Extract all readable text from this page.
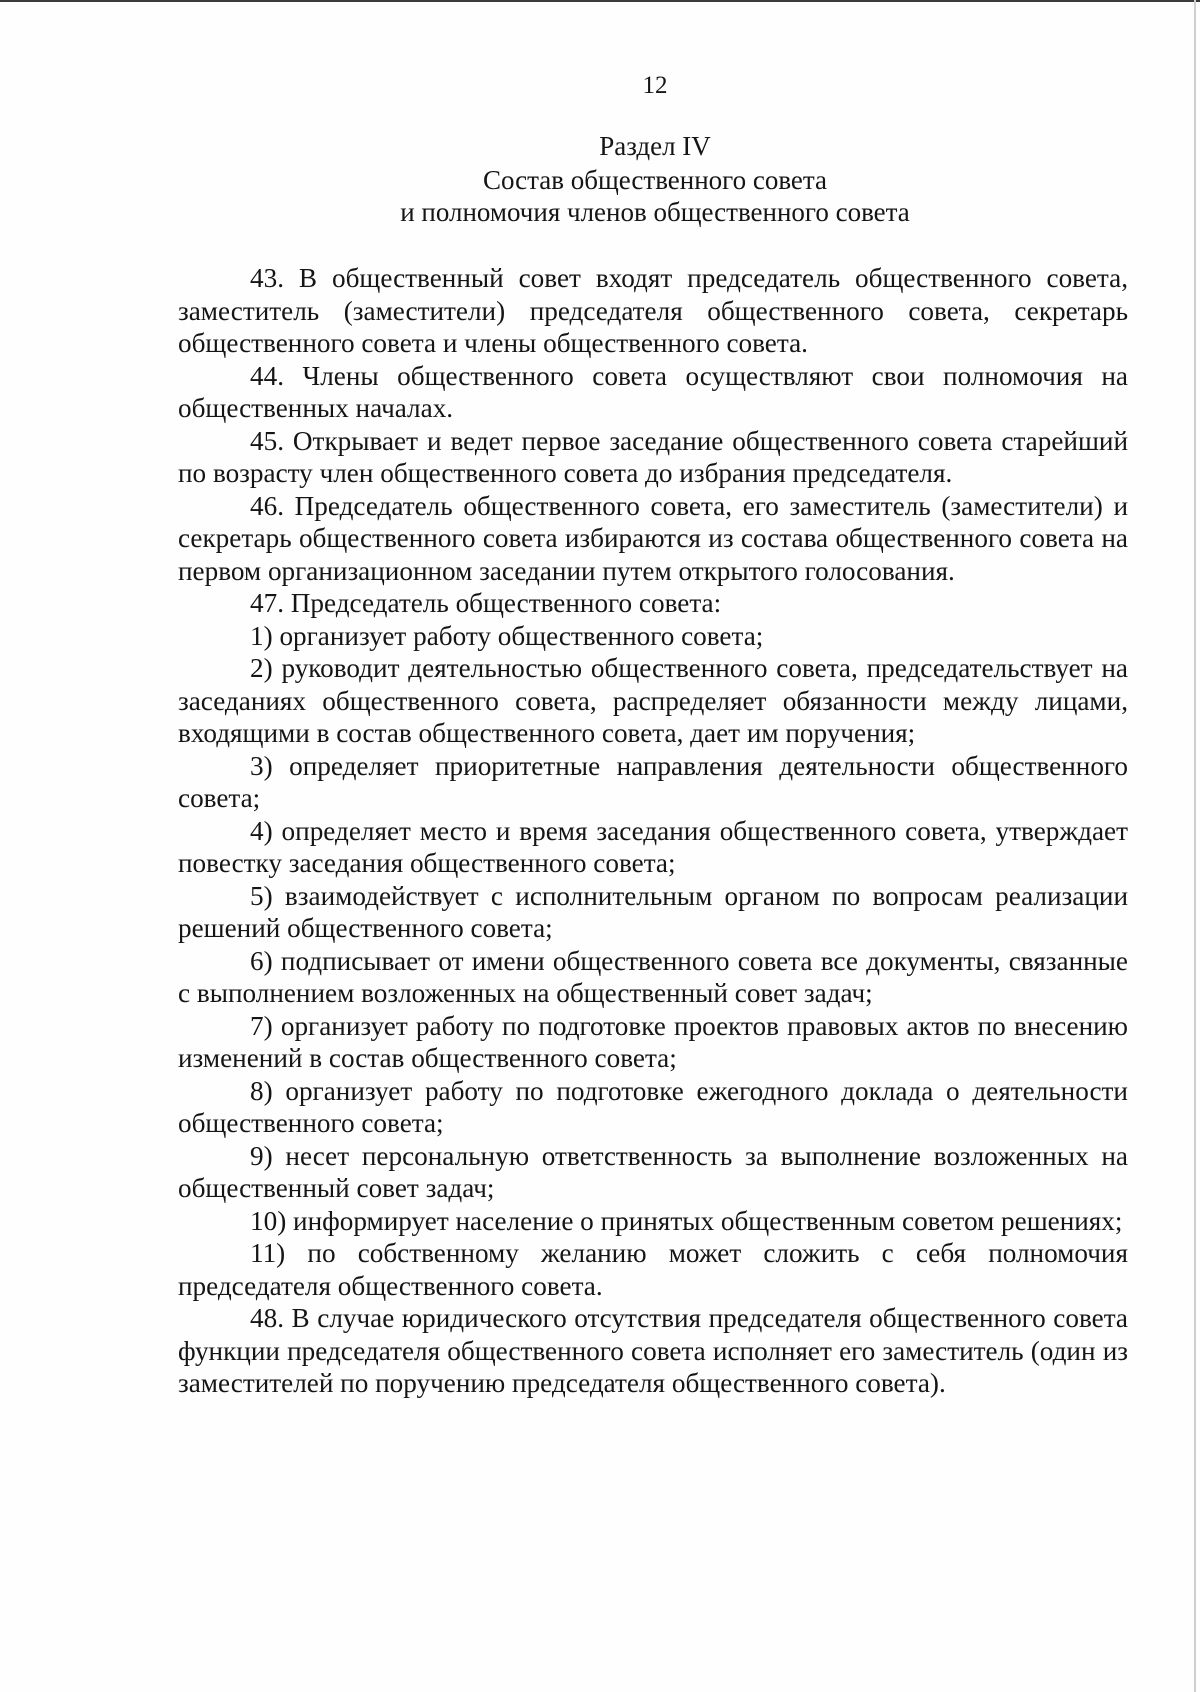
12
Раздел IV
Состав общественного совета
и полномочия членов общественного совета

43. В общественный совет входят председатель общественного совета, заместитель (заместители) председателя общественного совета, секретарь общественного совета и члены общественного совета.

44. Члены общественного совета осуществляют свои полномочия на общественных началах.

45. Открывает и ведет первое заседание общественного совета старейший по возрасту член общественного совета до избрания председателя.

46. Председатель общественного совета, его заместитель (заместители) и секретарь общественного совета избираются из состава общественного совета на первом организационном заседании путем открытого голосования.

47. Председатель общественного совета:

1) организует работу общественного совета;

2) руководит деятельностью общественного совета, председательствует на заседаниях общественного совета, распределяет обязанности между лицами, входящими в состав общественного совета, дает им поручения;

3) определяет приоритетные направления деятельности общественного совета;

4) определяет место и время заседания общественного совета, утверждает повестку заседания общественного совета;

5) взаимодействует с исполнительным органом по вопросам реализации решений общественного совета;

6) подписывает от имени общественного совета все документы, связанные с выполнением возложенных на общественный совет задач;

7) организует работу по подготовке проектов правовых актов по внесению изменений в состав общественного совета;

8) организует работу по подготовке ежегодного доклада о деятельности общественного совета;

9) несет персональную ответственность за выполнение возложенных на общественный совет задач;

10) информирует население о принятых общественным советом решениях;

11) по собственному желанию может сложить с себя полномочия председателя общественного совета.

48. В случае юридического отсутствия председателя общественного совета функции председателя общественного совета исполняет его заместитель (один из заместителей по поручению председателя общественного совета).
